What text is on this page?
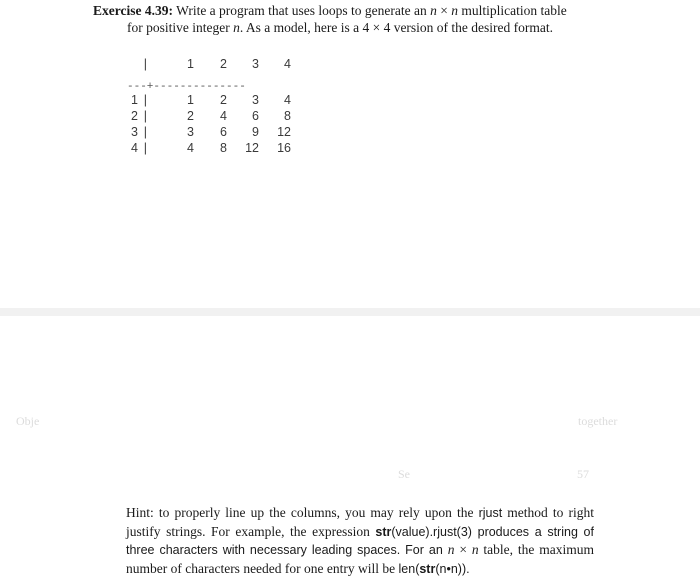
Exercise 4.39: Write a program that uses loops to generate an n × n multiplication table
for positive integer n. As a model, here is a 4 × 4 version of the desired format.
|	1	2	3	4
---+--------------
1 |	1	2	3	4
2 |	2	4	6	8
3 |	3	6	9	12
4 |	4	8	12	16
Obje	together
Se	57
Hint: to properly line up the columns, you may rely upon the rjust method to right justify strings. For example, the expression str(value).rjust(3) produces a string of three characters with necessary leading spaces. For an n × n table, the maximum number of characters needed for one entry will be len(str(n•n)).
